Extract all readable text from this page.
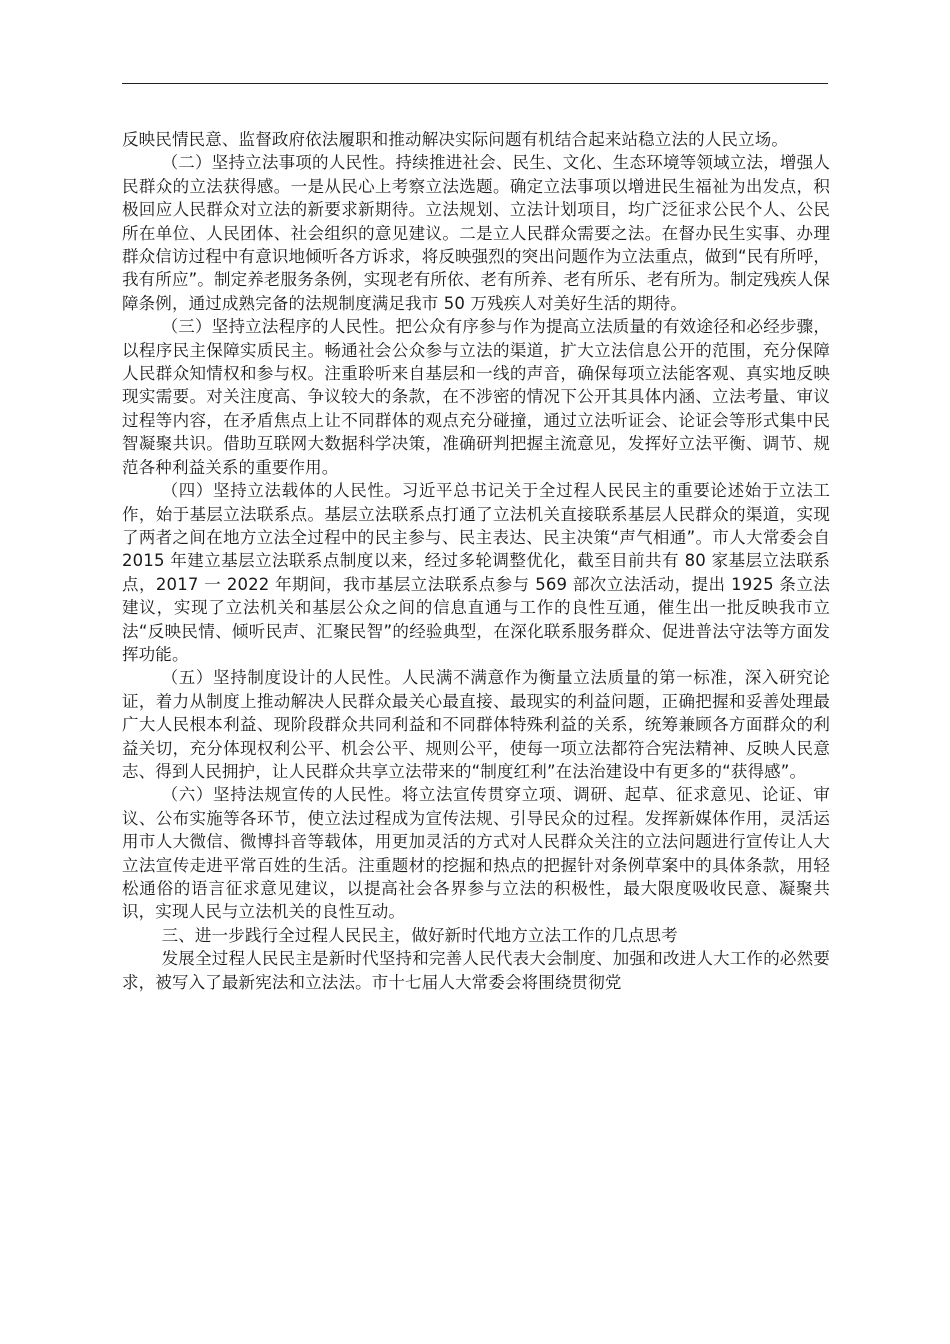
反映民情民意、监督政府依法履职和推动解决实际问题有机结合起来站稳立法的人民立场。

（二）坚持立法事项的人民性。持续推进社会、民生、文化、生态环境等领域立法，增强人民群众的立法获得感。一是从民心上考察立法选题。确定立法事项以增进民生福祉为出发点，积极回应人民群众对立法的新要求新期待。立法规划、立法计划项目，均广泛征求公民个人、公民所在单位、人民团体、社会组织的意见建议。二是立人民群众需要之法。在督办民生实事、办理群众信访过程中有意识地倾听各方诉求，将反映强烈的突出问题作为立法重点，做到“民有所呼，我有所应”。制定养老服务条例，实现老有所依、老有所养、老有所乐、老有所为。制定残疾人保障条例，通过成熟完备的法规制度满足我市 50 万残疾人对美好生活的期待。

（三）坚持立法程序的人民性。把公众有序参与作为提高立法质量的有效途径和必经步骤，以程序民主保障实质民主。畅通社会公众参与立法的渠道，扩大立法信息公开的范围，充分保障人民群众知情权和参与权。注重聆听来自基层和一线的声音，确保每项立法能客观、真实地反映现实需要。对关注度高、争议较大的条款，在不涉密的情况下公开其具体内涵、立法考量、审议过程等内容，在矛盾焦点上让不同群体的观点充分碰撞，通过立法听证会、论证会等形式集中民智凝聚共识。借助互联网大数据科学决策，准确研判把握主流意见，发挥好立法平衡、调节、规范各种利益关系的重要作用。

（四）坚持立法载体的人民性。习近平总书记关于全过程人民民主的重要论述始于立法工作，始于基层立法联系点。基层立法联系点打通了立法机关直接联系基层人民群众的渠道，实现了两者之间在地方立法全过程中的民主参与、民主表达、民主决策“声气相通”。市人大常委会自 2015 年建立基层立法联系点制度以来，经过多轮调整优化，截至目前共有 80 家基层立法联系点，2017 一 2022 年期间，我市基层立法联系点参与 569 部次立法活动，提出 1925 条立法建议，实现了立法机关和基层公众之间的信息直通与工作的良性互通，催生出一批反映我市立法“反映民情、倾听民声、汇聚民智”的经验典型，在深化联系服务群众、促进普法守法等方面发挥功能。

（五）坚持制度设计的人民性。人民满不满意作为衡量立法质量的第一标准，深入研究论证，着力从制度上推动解决人民群众最关心最直接、最现实的利益问题，正确把握和妥善处理最广大人民根本利益、现阶段群众共同利益和不同群体特殊利益的关系，统筹兼顾各方面群众的利益关切，充分体现权利公平、机会公平、规则公平，使每一项立法都符合宪法精神、反映人民意志、得到人民拥护，让人民群众共享立法带来的“制度红利”在法治建设中有更多的“获得感”。

（六）坚持法规宣传的人民性。将立法宣传贯穿立项、调研、起草、征求意见、论证、审议、公布实施等各环节，使立法过程成为宣传法规、引导民众的过程。发挥新媒体作用，灵活运用市人大微信、微博抖音等载体，用更加灵活的方式对人民群众关注的立法问题进行宣传让人大立法宣传走进平常百姓的生活。注重题材的挖掘和热点的把握针对条例草案中的具体条款，用轻松通俗的语言征求意见建议，以提高社会各界参与立法的积极性，最大限度吸收民意、凝聚共识，实现人民与立法机关的良性互动。

三、进一步践行全过程人民民主，做好新时代地方立法工作的几点思考

发展全过程人民民主是新时代坚持和完善人民代表大会制度、加强和改进人大工作的必然要求，被写入了最新宪法和立法法。市十七届人大常委会将围绕贯彻党
